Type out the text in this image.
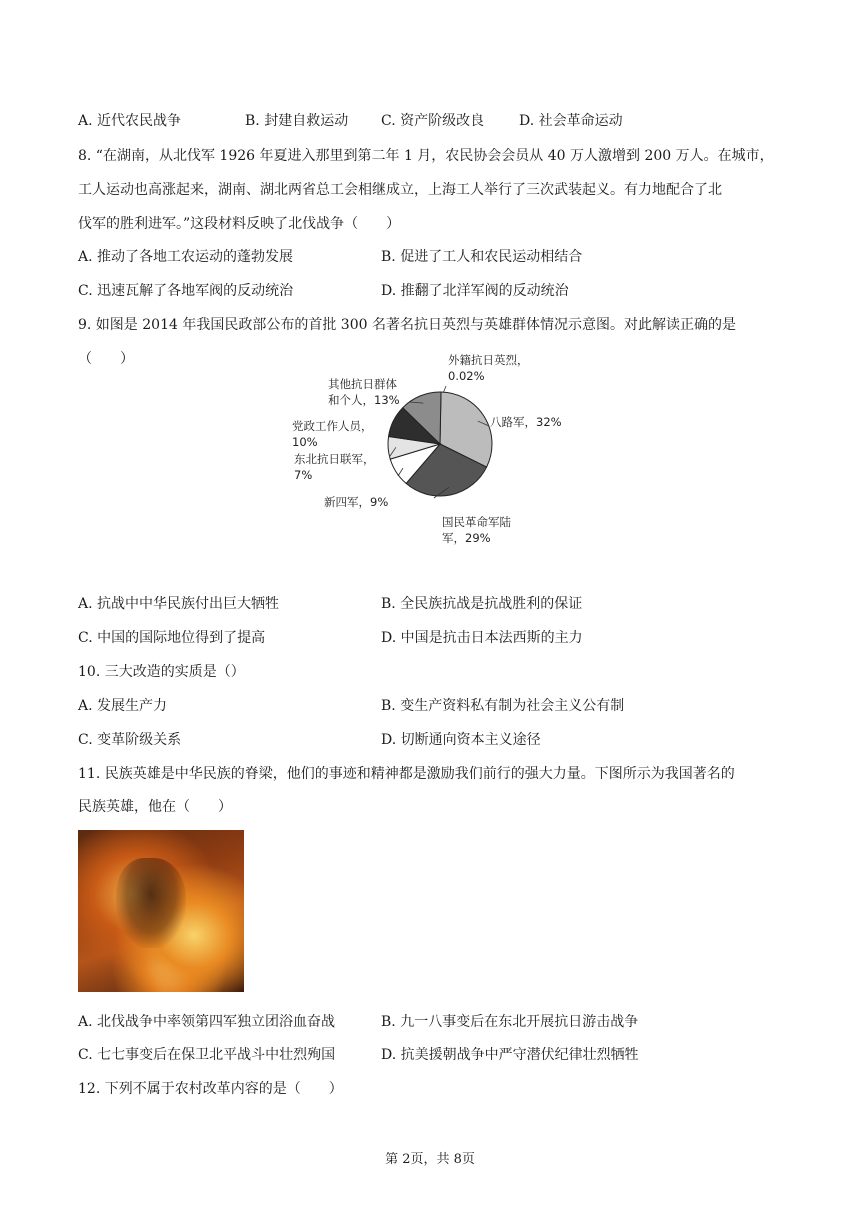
A. 近代农民战争	B. 封建自救运动 C. 资产阶级改良 D. 社会革命运动
8. “在湖南，从北伐军 1926 年夏进入那里到第二年 1 月，农民协会会员从 40 万人激增到 200 万人。在城市，
工人运动也高涨起来，湖南、湖北两省总工会相继成立，上海工人举行了三次武装起义。有力地配合了北
伐军的胜利进军。”这段材料反映了北伐战争（　　）
A. 推动了各地工农运动的蓬勃发展	B. 促进了工人和农民运动相结合
C. 迅速瓦解了各地军阀的反动统治	D. 推翻了北洋军阀的反动统治
9. 如图是 2014 年我国民政部公布的首批 300 名著名抗日英烈与英雄群体情况示意图。对此解读正确的是
（　　）	外籍抗日英烈，
0.02%
八路军，32%
国民革命军陆
军，29%
新四军，9%
东北抗日联军，
7%
党政工作人员，
10%
其他抗日群体
和个人，13%
A. 抗战中中华民族付出巨大牺牲	B. 全民族抗战是抗战胜利的保证
C. 中国的国际地位得到了提高	D. 中国是抗击日本法西斯的主力
10. 三大改造的实质是（）
A. 发展生产力	B. 变生产资料私有制为社会主义公有制
C. 变革阶级关系	D. 切断通向资本主义途径
11. 民族英雄是中华民族的脊梁，他们的事迹和精神都是激励我们前行的强大力量。下图所示为我国著名的
民族英雄，他在（　　）
A. 北伐战争中率领第四军独立团浴血奋战	B. 九一八事变后在东北开展抗日游击战争
C. 七七事变后在保卫北平战斗中壮烈殉国	D. 抗美援朝战争中严守潜伏纪律壮烈牺牲
12. 下列不属于农村改革内容的是（　　）
第 2页，共 8页
